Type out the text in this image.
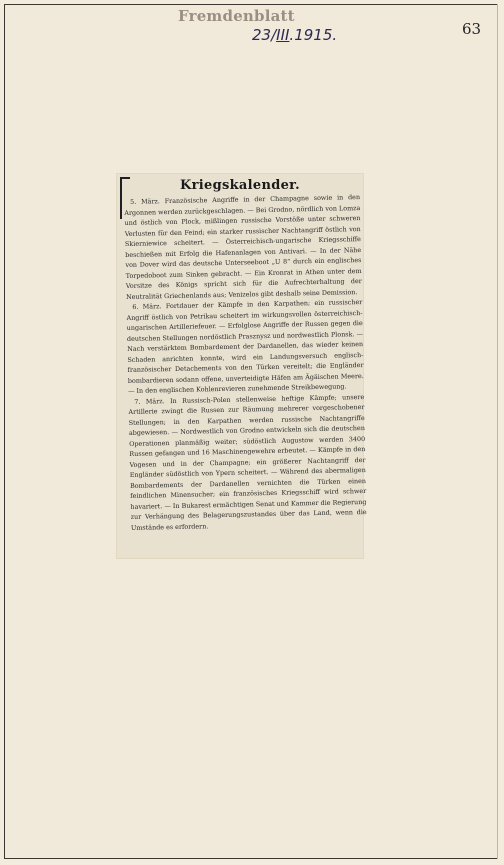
Fremdenblatt
23/III.1915.	63
Kriegskalender.

5. März. Französische Angriffe in der Champagne sowie in den Argonnen werden zurückgeschlagen. — Bei Grodno, nördlich von Lomza und östlich von Plock, mißlingen russische Vorstöße unter schweren Verlusten für den Feind; ein starker russischer Nachtangriff östlich von Skierniewice scheitert. — Österreichisch-ungarische Kriegsschiffe beschießen mit Erfolg die Hafenanlagen von Antivari. — In der Nähe von Dover wird das deutsche Unterseeboot „U 8“ durch ein englisches Torpedoboot zum Sinken gebracht. — Ein Kronrat in Athen unter dem Vorsitze des Königs spricht sich für die Aufrechterhaltung der Neutralität Griechenlands aus; Venizelos gibt deshalb seine Demission.

6. März. Fortdauer der Kämpfe in den Karpathen; ein russischer Angriff östlich von Petrikau scheitert im wirkungsvollen österreichisch-ungarischen Artilleriefeuer. — Erfolglose Angriffe der Russen gegen die deutschen Stellungen nordöstlich Prasznysz und nordwestlich Plonsk. — Nach verstärktem Bombardement der Dardanellen, das wieder keinen Schaden anrichten konnte, wird ein Landungsversuch englisch-französischer Detachements von den Türken vereitelt; die Engländer bombardieren sodann offene, unverteidigte Häfen am Ägäischen Meere. — In den englischen Kohlenrevieren zunehmende Streikbewegung.

7. März. In Russisch-Polen stellenweise heftige Kämpfe; unsere Artillerie zwingt die Russen zur Räumung mehrerer vorgeschobener Stellungen; in den Karpathen werden russische Nachtangriffe abgewiesen. — Nordwestlich von Grodno entwickeln sich die deutschen Operationen planmäßig weiter; südöstlich Augustow werden 3400 Russen gefangen und 16 Maschinengewehre erbeutet. — Kämpfe in den Vogesen und in der Champagne; ein größerer Nachtangriff der Engländer südöstlich von Ypern scheitert. — Während des abermaligen Bombardements der Dardanellen vernichten die Türken einen feindlichen Minensucher; ein französisches Kriegsschiff wird schwer havariert. — In Bukarest ermächtigen Senat und Kammer die Regierung zur Verhängung des Belagerungszustandes über das Land, wenn die Umstände es erfordern.
